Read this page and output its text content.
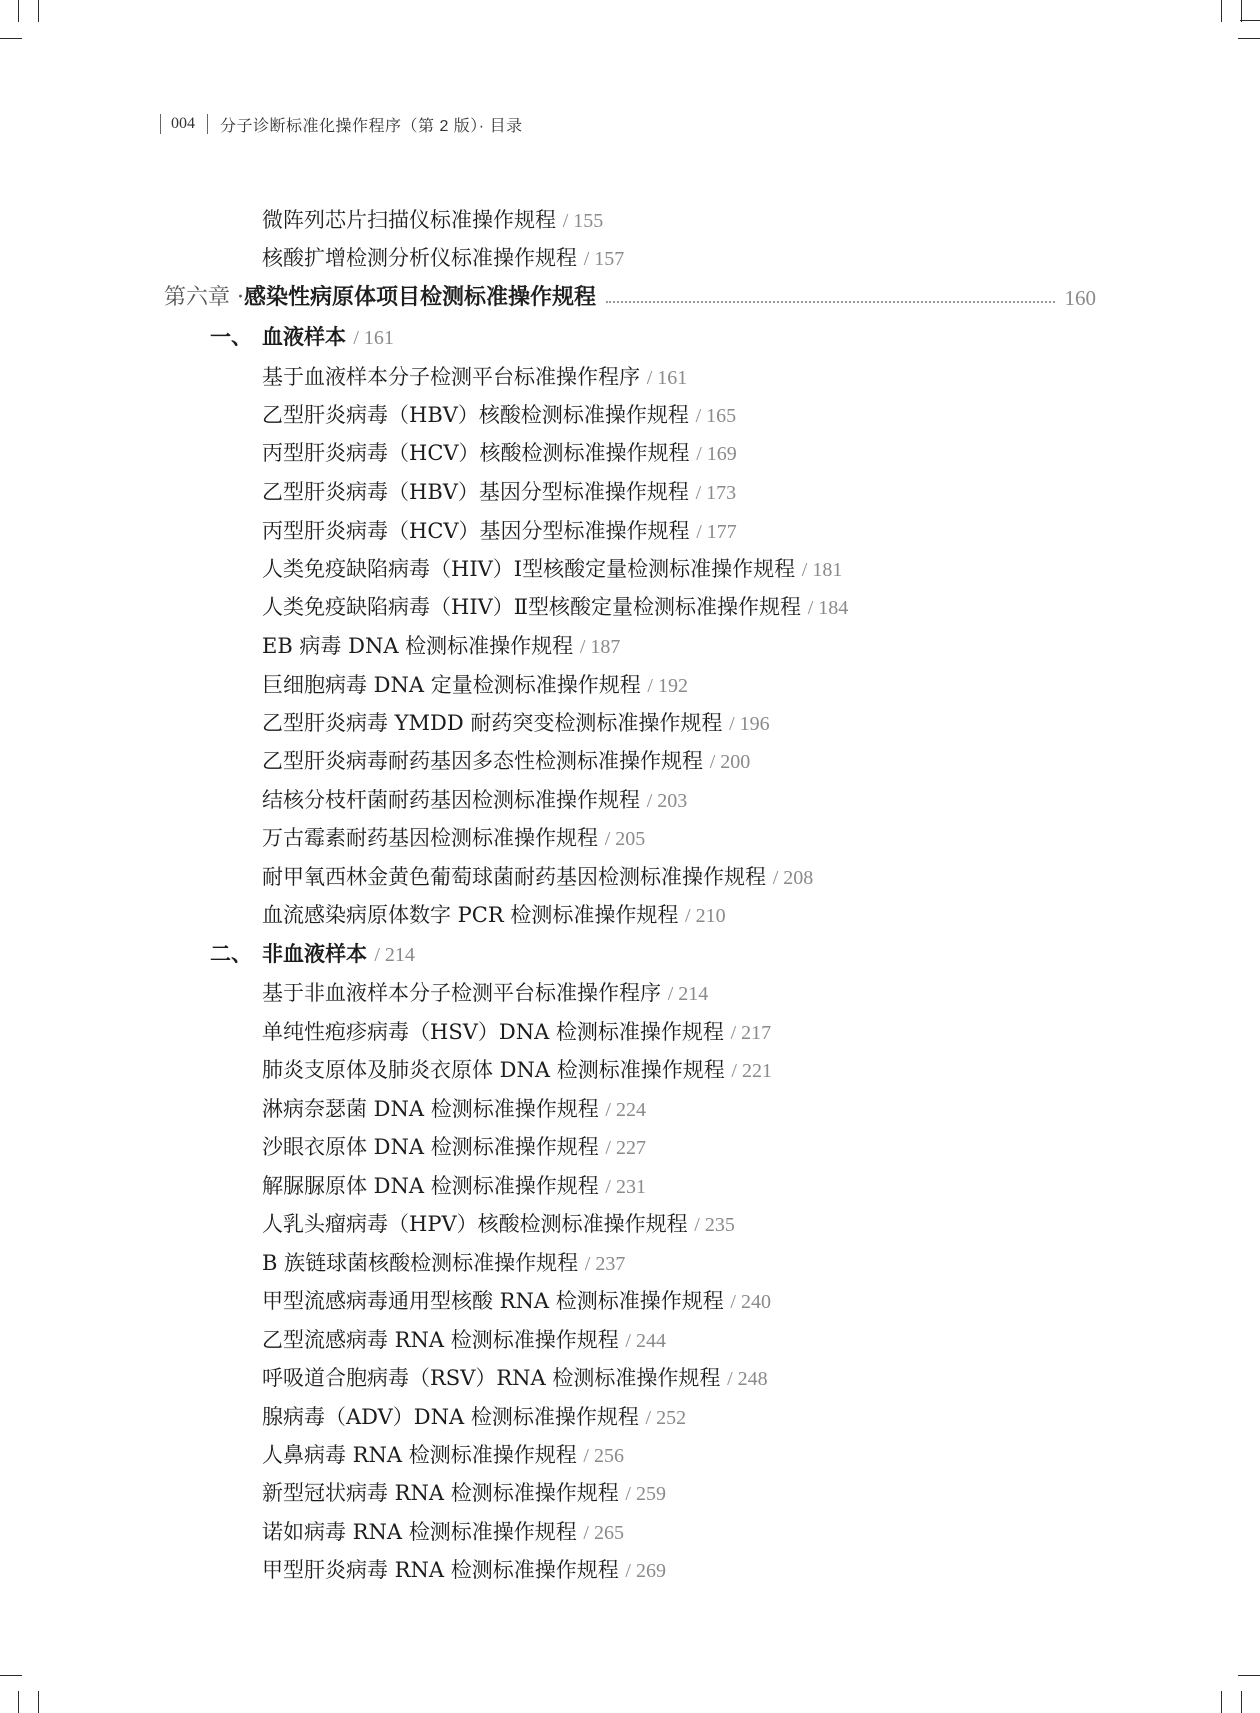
004 分子诊断标准化操作程序（第 2 版）· 目录
微阵列芯片扫描仪标准操作规程 / 155
核酸扩增检测分析仪标准操作规程 / 157
第六章 · 感染性病原体项目检测标准操作规程	160
一、 血液样本 / 161
基于血液样本分子检测平台标准操作程序 / 161
乙型肝炎病毒（HBV）核酸检测标准操作规程 / 165
丙型肝炎病毒（HCV）核酸检测标准操作规程 / 169
乙型肝炎病毒（HBV）基因分型标准操作规程 / 173
丙型肝炎病毒（HCV）基因分型标准操作规程 / 177
人类免疫缺陷病毒（HIV）Ⅰ型核酸定量检测标准操作规程 / 181
人类免疫缺陷病毒（HIV）Ⅱ型核酸定量检测标准操作规程 / 184
EB 病毒 DNA 检测标准操作规程 / 187
巨细胞病毒 DNA 定量检测标准操作规程 / 192
乙型肝炎病毒 YMDD 耐药突变检测标准操作规程 / 196
乙型肝炎病毒耐药基因多态性检测标准操作规程 / 200
结核分枝杆菌耐药基因检测标准操作规程 / 203
万古霉素耐药基因检测标准操作规程 / 205
耐甲氧西林金黄色葡萄球菌耐药基因检测标准操作规程 / 208
血流感染病原体数字 PCR 检测标准操作规程 / 210
二、 非血液样本 / 214
基于非血液样本分子检测平台标准操作程序 / 214
单纯性疱疹病毒（HSV）DNA 检测标准操作规程 / 217
肺炎支原体及肺炎衣原体 DNA 检测标准操作规程 / 221
淋病奈瑟菌 DNA 检测标准操作规程 / 224
沙眼衣原体 DNA 检测标准操作规程 / 227
解脲脲原体 DNA 检测标准操作规程 / 231
人乳头瘤病毒（HPV）核酸检测标准操作规程 / 235
B 族链球菌核酸检测标准操作规程 / 237
甲型流感病毒通用型核酸 RNA 检测标准操作规程 / 240
乙型流感病毒 RNA 检测标准操作规程 / 244
呼吸道合胞病毒（RSV）RNA 检测标准操作规程 / 248
腺病毒（ADV）DNA 检测标准操作规程 / 252
人鼻病毒 RNA 检测标准操作规程 / 256
新型冠状病毒 RNA 检测标准操作规程 / 259
诺如病毒 RNA 检测标准操作规程 / 265
甲型肝炎病毒 RNA 检测标准操作规程 / 269
